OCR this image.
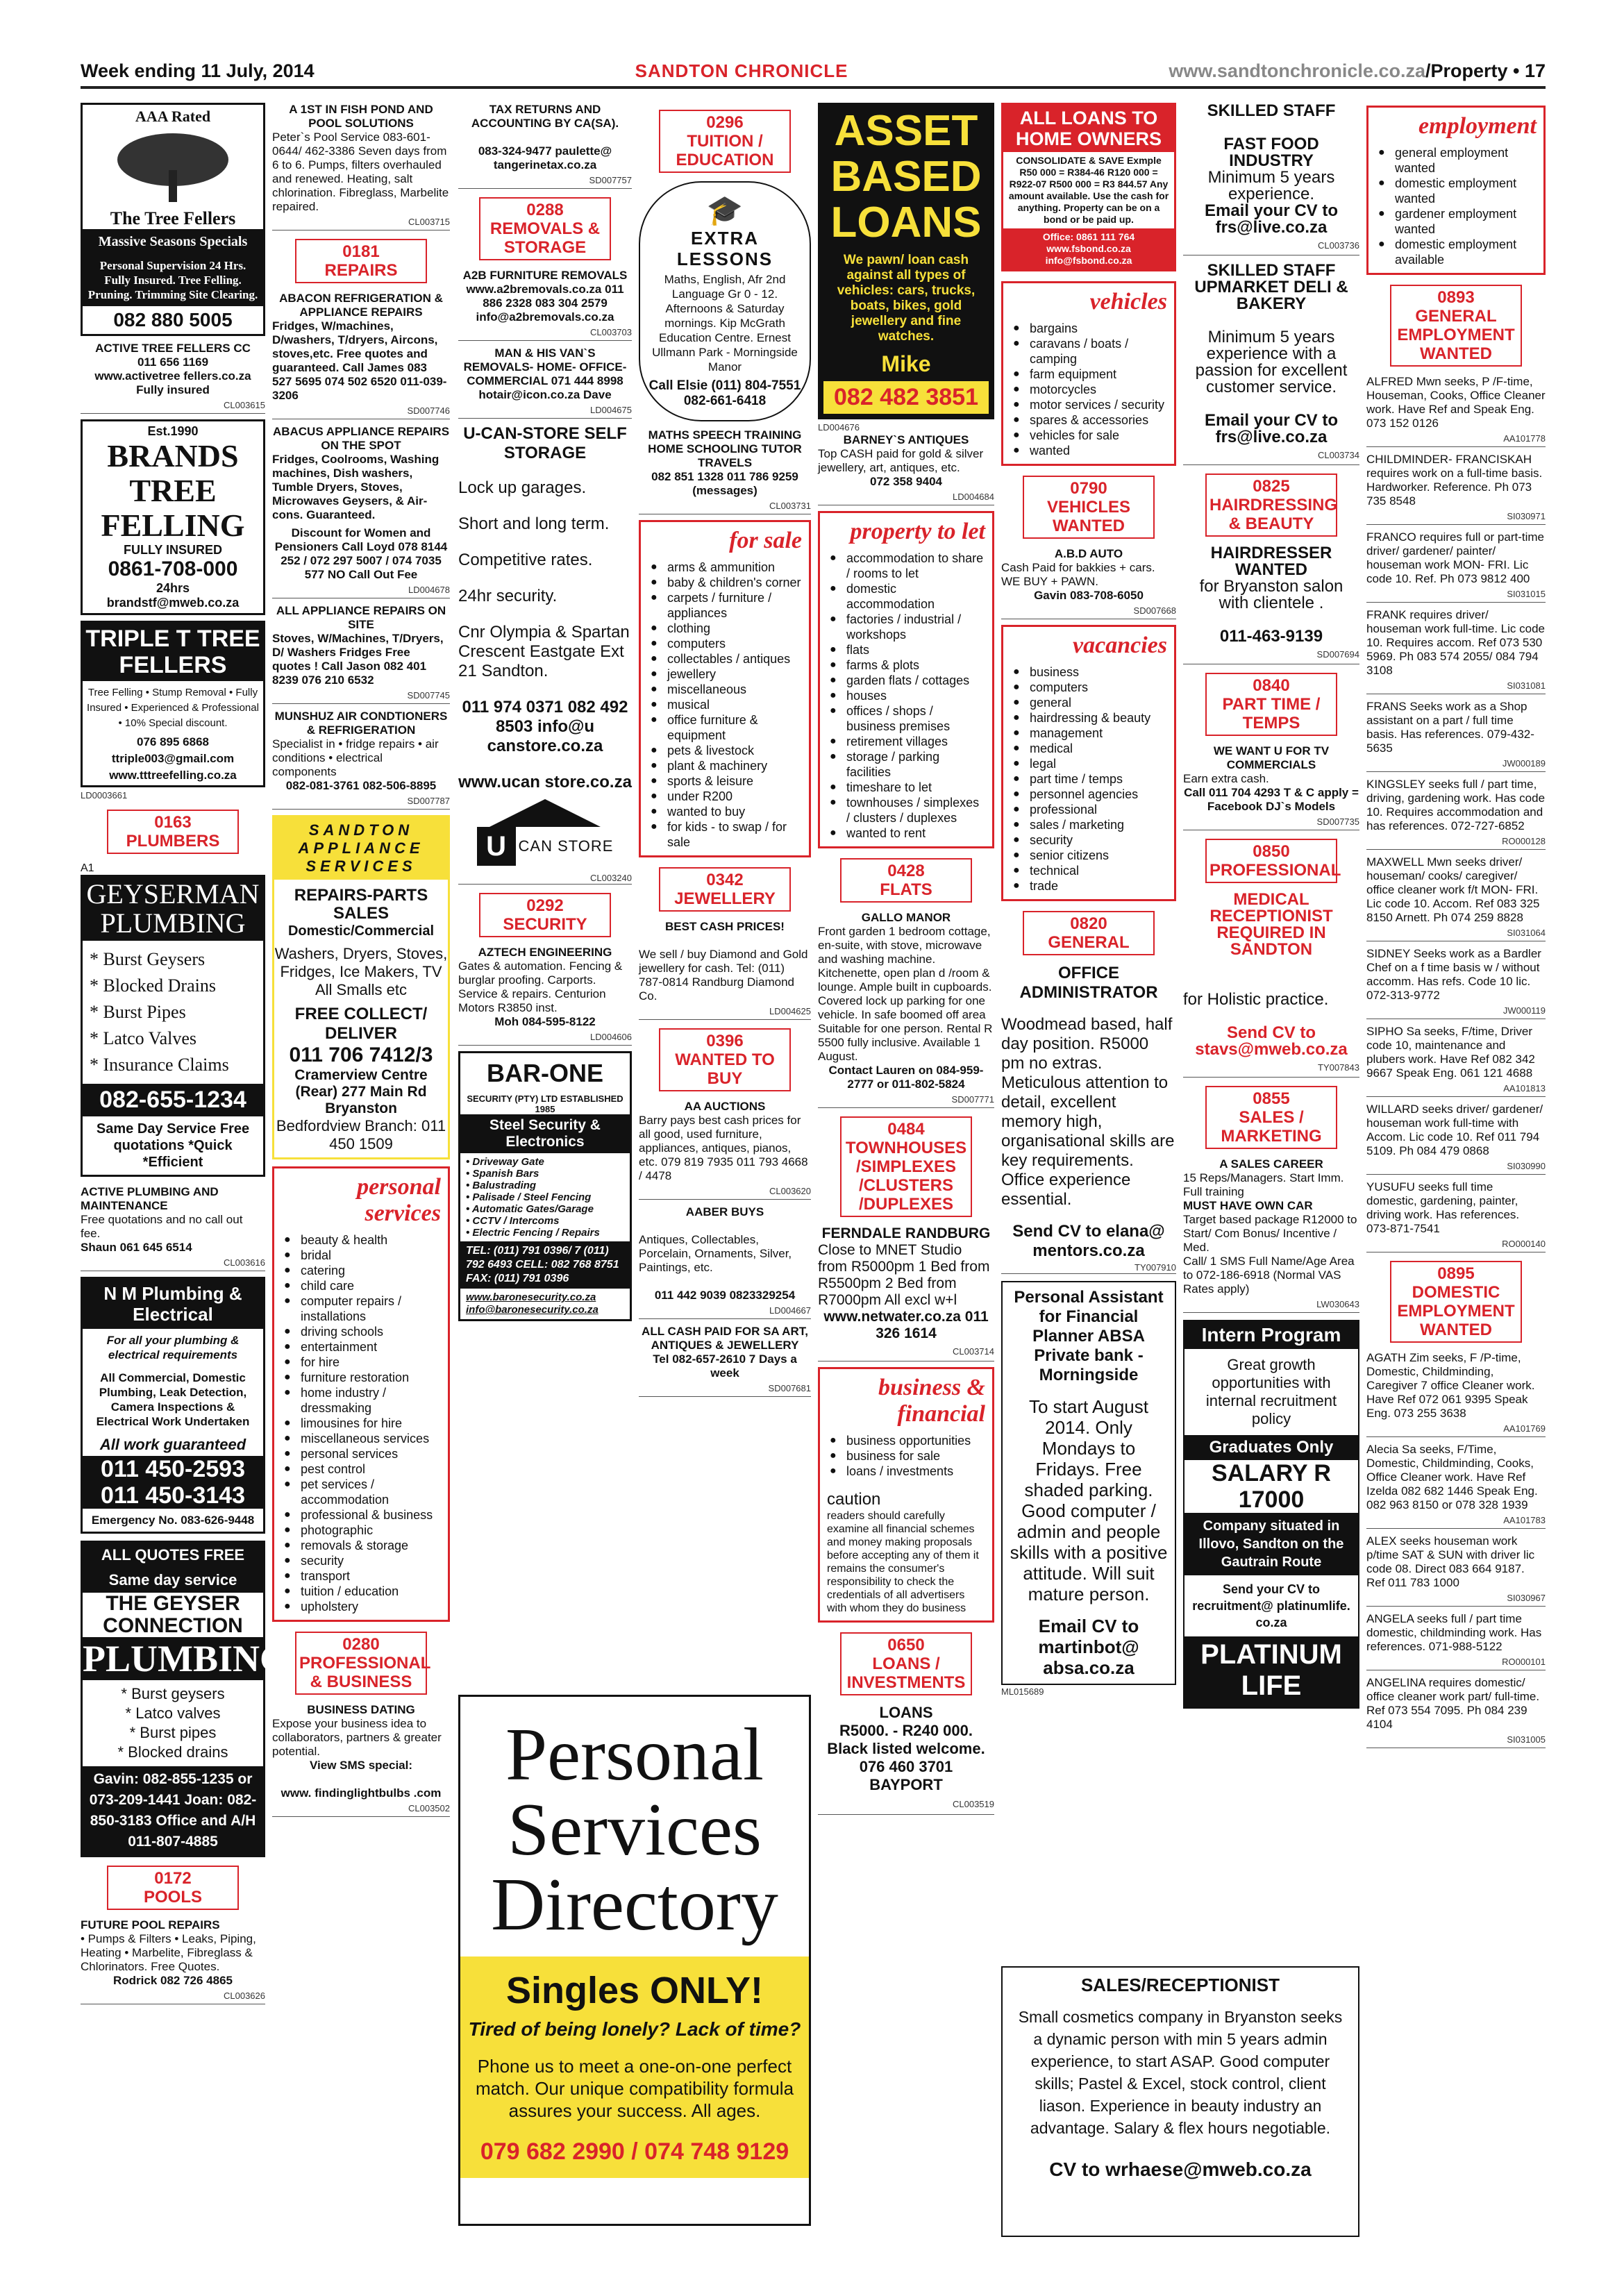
Week ending 11 July, 2014	SANDTON CHRONICLE	www.sandtonchronicle.co.za/Property • 17
AAA Rated
The Tree Fellers
Massive Seasons Specials
Personal Supervision 24 Hrs. Fully Insured. Tree Felling. Pruning. Trimming Site Clearing.
082 880 5005
ACTIVE TREE FELLERS CC
011 656 1169
www.activetree fellers.co.za
Fully insured
CL003615
Est.1990
BRANDS TREE FELLING
FULLY INSURED
0861-708-000
24hrs
brandstf@mweb.co.za
TRIPLE T TREE FELLERS
Tree Felling • Stump Removal • Fully Insured • Experienced & Professional • 10% Special discount.
076 895 6868
ttriple003@gmail.com
www.tttreefelling.co.za
LD0003661
0163
PLUMBERS
A1
GEYSERMAN PLUMBING
* Burst Geysers
* Blocked Drains
* Burst Pipes
* Latco Valves
* Insurance Claims
082-655-1234
Same Day Service Free quotations *Quick *Efficient
ACTIVE PLUMBING AND MAINTENANCE
Free quotations and no call out fee.
Shaun 061 645 6514
CL003616
N M Plumbing & Electrical
For all your plumbing & electrical requirements
All Commercial, Domestic Plumbing, Leak Detection, Camera Inspections & Electrical Work Undertaken
All work guaranteed
011 450-2593
011 450-3143
Emergency No. 083-626-9448
ALL QUOTES FREE
Same day service
THE GEYSER CONNECTION
PLUMBING
* Burst geysers
* Latco valves
* Burst pipes
* Blocked drains
Gavin: 082-855-1235 or 073-209-1441 Joan: 082-850-3183 Office and A/H 011-807-4885
0172
POOLS
FUTURE POOL REPAIRS
• Pumps & Filters • Leaks, Piping, Heating • Marbelite, Fibreglass & Chlorinators. Free Quotes.

Rodrick 082 726 4865
CL003626
A 1ST IN FISH POND AND POOL SOLUTIONS
Peter`s Pool Service 083-601-0644/ 462-3386 Seven days from 6 to 6. Pumps, filters overhauled and renewed. Heating, salt chlorination. Fibreglass, Marbelite repaired.
CL003715
0181
REPAIRS
ABACON REFRIGERATION & APPLIANCE REPAIRS
Fridges, W/machines, D/washers, T/dryers, Aircons, stoves,etc. Free quotes and guaranteed. Call James 083 527 5695 074 502 6520 011-039-3206
SD007746
ABACUS APPLIANCE REPAIRS ON THE SPOT
Fridges, Coolrooms, Washing machines, Dish washers, Tumble Dryers, Stoves, Microwaves Geysers, & Air-cons. Guaranteed.
Discount for Women and Pensioners Call Loyd 078 8144 252 / 072 297 5007 / 074 7035 577 NO Call Out Fee
LD004678
ALL APPLIANCE REPAIRS ON SITE
Stoves, W/Machines, T/Dryers, D/ Washers Fridges Free quotes ! Call Jason 082 401 8239 076 210 6532
SD007745
MUNSHUZ AIR CONDTIONERS & REFRIGERATION
Specialist in • fridge repairs • air conditions • electrical components
082-081-3761 082-506-8895
SD007787
SANDTON APPLIANCE SERVICES
REPAIRS-PARTS SALES
Domestic/Commercial
Washers, Dryers, Stoves, Fridges, Ice Makers, TV All Smalls etc
FREE COLLECT/ DELIVER
011 706 7412/3
Cramerview Centre (Rear) 277 Main Rd Bryanston
Bedfordview Branch: 011 450 1509
personal services
● beauty & health
● bridal
● catering
● child care
● computer repairs / installations
● driving schools
● entertainment
● for hire
● furniture restoration
● home industry / dressmaking
● limousines for hire
● miscellaneous services
● personal services
● pest control
● pet services / accommodation
● professional & business
● photographic
● removals & storage
● security
● transport
● tuition / education
● upholstery
0280
PROFESSIONAL & BUSINESS
BUSINESS DATING
Expose your business idea to collaborators, partners & greater potential.
View SMS special:

www. findinglightbulbs .com
CL003502
TAX RETURNS AND ACCOUNTING BY CA(SA).

083-324-9477 paulette@ tangerinetax.co.za
SD007757
0288
REMOVALS & STORAGE
A2B FURNITURE REMOVALS
www.a2bremovals.co.za 011 886 2328 083 304 2579 info@a2bremovals.co.za
CL003703
MAN & HIS VAN`S
REMOVALS- HOME- OFFICE- COMMERCIAL 071 444 8998 hotair@icon.co.za Dave
LD004675
U-CAN-STORE SELF STORAGE
Lock up garages.
Short and long term.
Competitive rates.
24hr security.
Cnr Olympia & Spartan Crescent Eastgate Ext 21 Sandton.
011 974 0371 082 492 8503 info@u canstore.co.za
www.ucan store.co.za
U CAN STORE
CL003240
0292
SECURITY
AZTECH ENGINEERING
Gates & automation. Fencing & burglar proofing. Carports. Service & repairs. Centurion Motors R3850 inst.
Moh 084-595-8122
LD004606
BAR-ONE
SECURITY (PTY) LTD ESTABLISHED 1985
Steel Security & Electronics
• Driveway Gate
• Spanish Bars
• Balustrading
• Palisade / Steel Fencing
• Automatic Gates/Garage
• CCTV / Intercoms
• Electric Fencing / Repairs
TEL: (011) 791 0396/ 7 (011) 792 6493 CELL: 082 768 8751 FAX: (011) 791 0396
www.baronesecurity.co.za info@baronesecurity.co.za
Personal Services Directory
Singles ONLY!
Tired of being lonely? Lack of time?
Phone us to meet a one-on-one perfect match. Our unique compatibility formula assures your success. All ages.
079 682 2990 / 074 748 9129
0296
TUITION / EDUCATION
🎓
EXTRA LESSONS
Maths, English, Afr 2nd Language Gr 0 - 12. Afternoons & Saturday mornings. Kip McGrath Education Centre. Ernest Ullmann Park - Morningside Manor
Call Elsie (011) 804-7551 082-661-6418
MATHS SPEECH TRAINING HOME SCHOOLING TUTOR TRAVELS
082 851 1328 011 786 9259 (messages)
CL003731
for sale
● arms & ammunition
● baby & children's corner
● carpets / furniture / appliances
● clothing
● computers
● collectables / antiques
● jewellery
● miscellaneous
● musical
● office furniture & equipment
● pets & livestock
● plant & machinery
● sports & leisure
● under R200
● wanted to buy
● for kids - to swap / for sale
0342
JEWELLERY
BEST CASH PRICES!

We sell / buy Diamond and Gold jewellery for cash. Tel: (011) 787-0814 Randburg Diamond Co.
LD004625
0396
WANTED TO BUY
AA AUCTIONS
Barry pays best cash prices for all good, used furniture, appliances, antiques, pianos, etc. 079 819 7935 011 793 4668 / 4478
CL003620
AABER BUYS

Antiques, Collectables, Porcelain, Ornaments, Silver, Paintings, etc.

011 442 9039 0823329254
LD004667
ALL CASH PAID FOR SA ART, ANTIQUES & JEWELLERY
Tel 082-657-2610 7 Days a week
SD007681
ASSET BASED LOANS
We pawn/ loan cash against all types of vehicles: cars, trucks, boats, bikes, gold jewellery and fine watches.
Mike
082 482 3851
LD004676
BARNEY`S ANTIQUES
Top CASH paid for gold & silver jewellery, art, antiques, etc.
072 358 9404
LD004684
property to let
● accommodation to share / rooms to let
● domestic accommodation
● factories / industrial / workshops
● flats
● farms & plots
● garden flats / cottages
● houses
● offices / shops / business premises
● retirement villages
● storage / parking facilities
● timeshare to let
● townhouses / simplexes / clusters / duplexes
● wanted to rent
0428
FLATS
GALLO MANOR
Front garden 1 bedroom cottage, en-suite, with stove, microwave and washing machine. Kitchenette, open plan d /room & lounge. Ample built in cupboards. Covered lock up parking for one vehicle. In safe boomed off area Suitable for one person. Rental R 5500 fully inclusive. Available 1 August.
Contact Lauren on 084-959-2777 or 011-802-5824
SD007771
0484
TOWNHOUSES /SIMPLEXES /CLUSTERS /DUPLEXES
FERNDALE RANDBURG
Close to MNET Studio from R5000pm 1 Bed from R5500pm 2 Bed from R7000pm All excl w+l
www.netwater.co.za 011 326 1614
CL003714
business & financial
● business opportunities
● business for sale
● loans / investments
caution
readers should carefully examine all financial schemes and money making proposals before accepting any of them it remains the consumer's responsibility to check the credentials of all advertisers with whom they do business
0650
LOANS / INVESTMENTS
LOANS
R5000. - R240 000. Black listed welcome.
076 460 3701
BAYPORT
CL003519
ALL LOANS TO HOME OWNERS
CONSOLIDATE & SAVE Exmple R50 000 = R384-46 R120 000 = R922-07 R500 000 = R3 844.57 Any amount available. Use the cash for anything. Property can be on a bond or be paid up.
Office: 0861 111 764 www.fsbond.co.za info@fsbond.co.za
vehicles
● bargains
● caravans / boats / camping
● farm equipment
● motorcycles
● motor services / security
● spares & accessories
● vehicles for sale
● wanted
0790
VEHICLES WANTED
A.B.D AUTO
Cash Paid for bakkies + cars. WE BUY + PAWN.
Gavin 083-708-6050
SD007668
vacancies
● business
● computers
● general
● hairdressing & beauty
● management
● medical
● legal
● part time / temps
● personnel agencies
● professional
● sales / marketing
● security
● senior citizens
● technical
● trade
0820
GENERAL
OFFICE ADMINISTRATOR

Woodmead based, half day position. R5000 pm no extras. Meticulous attention to detail, excellent memory high, organisational skills are key requirements. Office experience essential.

Send CV to elana@ mentors.co.za
TY007910
Personal Assistant for Financial Planner ABSA Private bank - Morningside
To start August 2014. Only Mondays to Fridays. Free shaded parking. Good computer / admin and people skills with a positive attitude. Will suit mature person.
Email CV to martinbot@ absa.co.za
ML015689
SKILLED STAFF

FAST FOOD INDUSTRY
Minimum 5 years experience.
Email your CV to frs@live.co.za
CL003736
SKILLED STAFF UPMARKET DELI & BAKERY

Minimum 5 years experience with a passion for excellent customer service.

Email your CV to frs@live.co.za
CL003734
0825
HAIRDRESSING & BEAUTY
HAIRDRESSER WANTED
for Bryanston salon with clientele .

011-463-9139
SD007694
0840
PART TIME / TEMPS
WE WANT U FOR TV COMMERCIALS
Earn extra cash.
Call 011 704 4293 T & C apply = Facebook DJ`s Models
SD007735
0850
PROFESSIONAL
MEDICAL RECEPTIONIST REQUIRED IN SANDTON

for Holistic practice.

Send CV to stavs@mweb.co.za
TY007843
0855
SALES / MARKETING
A SALES CAREER
15 Reps/Managers. Start Imm. Full training
MUST HAVE OWN CAR
Target based package R12000 to Start/ Com Bonus/ Incentive / Med.
Call/ 1 SMS Full Name/Age Area to 072-186-6918 (Normal VAS Rates apply)
LW030643
Intern Program
Great growth opportunities with internal recruitment policy
Graduates Only
SALARY R 17000
Company situated in Illovo, Sandton on the Gautrain Route
Send your CV to recruitment@ platinumlife. co.za
PLATINUM LIFE
SALES/RECEPTIONIST
Small cosmetics company in Bryanston seeks a dynamic person with min 5 years admin experience, to start ASAP. Good computer skills; Pastel & Excel, stock control, client liason. Experience in beauty industry an advantage. Salary & flex hours negotiable.
CV to wrhaese@mweb.co.za
employment
● general employment wanted
● domestic employment wanted
● gardener employment wanted
● domestic employment available
0893
GENERAL EMPLOYMENT WANTED
ALFRED Mwn seeks, P /F-time, Houseman, Cooks, Office Cleaner work. Have Ref and Speak Eng. 073 152 0126
AA101778
CHILDMINDER- FRANCISKAH requires work on a full-time basis. Hardworker. Reference. Ph 073 735 8548
SI030971
FRANCO requires full or part-time driver/ gardener/ painter/ houseman work MON- FRI. Lic code 10. Ref. Ph 073 9812 400
SI031015
FRANK requires driver/ houseman work full-time. Lic code 10. Requires accom. Ref 073 530 5969. Ph 083 574 2055/ 084 794 3108
SI031081
FRANS Seeks work as a Shop assistant on a part / full time basis. Has references. 079-432-5635
JW000189
KINGSLEY seeks full / part time, driving, gardening work. Has code 10. Requires accommodation and has references. 072-727-6852
RO000128
MAXWELL Mwn seeks driver/ houseman/ cooks/ caregiver/ office cleaner work f/t MON- FRI. Lic code 10. Accom. Ref 083 325 8150 Arnett. Ph 074 259 8828
SI031064
SIDNEY Seeks work as a Bardler Chef on a f time basis w / without accomm. Has refs. Code 10 lic. 072-313-9772
JW000119
SIPHO Sa seeks, F/time, Driver code 10, maintenance and plubers work. Have Ref 082 342 9667 Speak Eng. 061 121 4688
AA101813
WILLARD seeks driver/ gardener/ houseman work full-time with Accom. Lic code 10. Ref 011 794 5109. Ph 084 479 0868
SI030990
YUSUFU seeks full time domestic, gardening, painter, driving work. Has references. 073-871-7541
RO000140
0895
DOMESTIC EMPLOYMENT WANTED
AGATH Zim seeks, F /P-time, Domestic, Childminding, Caregiver 7 office Cleaner work. Have Ref 072 061 9395 Speak Eng. 073 255 3638
AA101769
Alecia Sa seeks, F/Time, Domestic, Childminding, Cooks, Office Cleaner work. Have Ref Izelda 082 682 1446 Speak Eng. 082 963 8150 or 078 328 1939
AA101783
ALEX seeks houseman work p/time SAT & SUN with driver lic code 08. Direct 083 664 9187. Ref 011 783 1000
SI030967
ANGELA seeks full / part time domestic, childminding work. Has references. 071-988-5122
RO000101
ANGELINA requires domestic/ office cleaner work part/ full-time. Ref 073 554 7095. Ph 084 239 4104
SI031005
